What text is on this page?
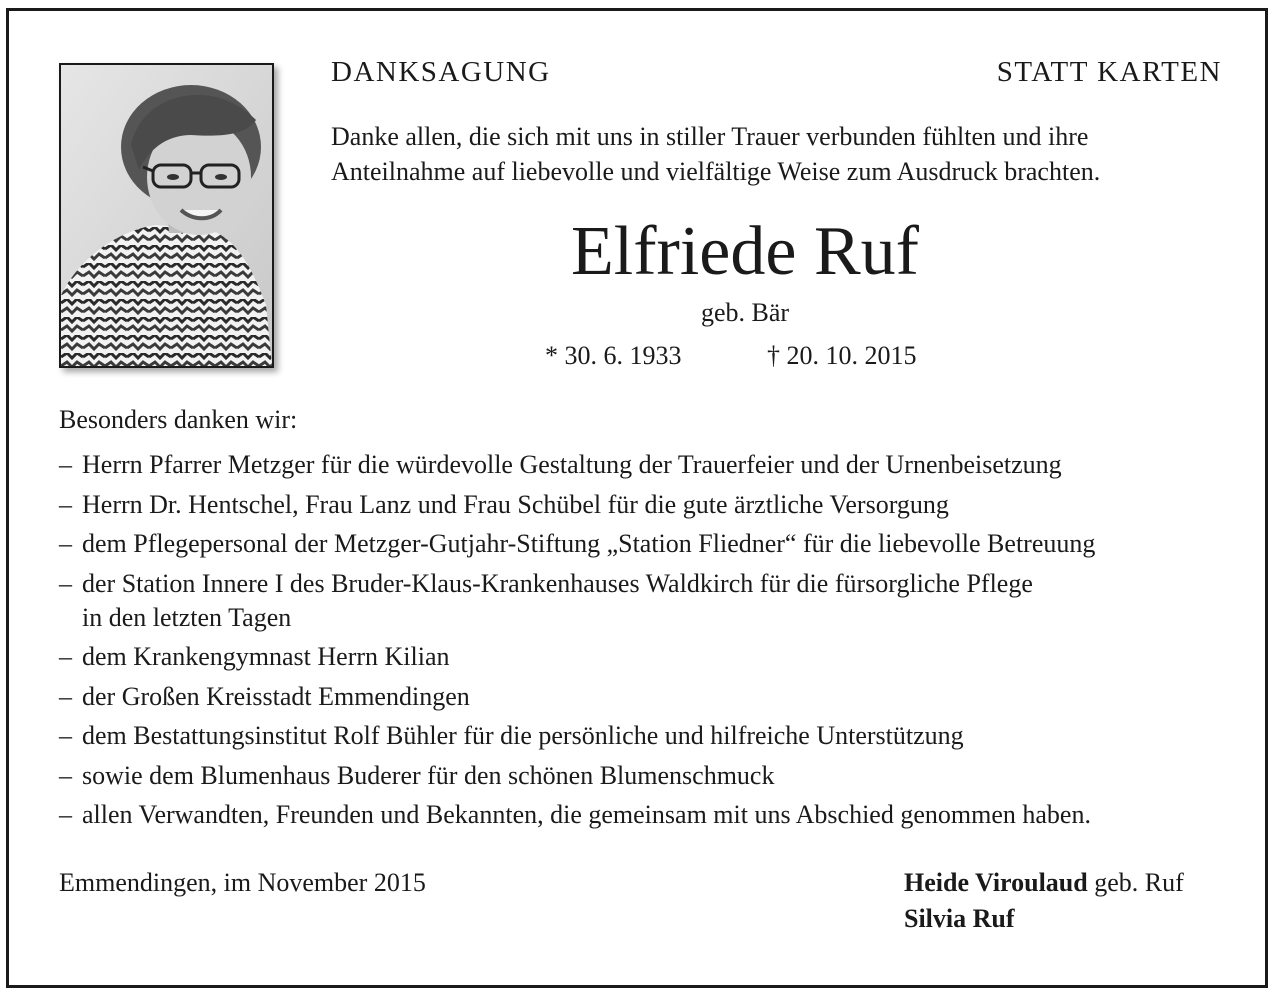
DANKSAGUNG	STATT KARTEN
Danke allen, die sich mit uns in stiller Trauer verbunden fühlten und ihre
Anteilnahme auf liebevolle und vielfältige Weise zum Ausdruck brachten.
Elfriede Ruf
geb. Bär
* 30. 6. 1933	† 20. 10. 2015
Besonders danken wir:
– Herrn Pfarrer Metzger für die würdevolle Gestaltung der Trauerfeier und der Urnenbeisetzung
– Herrn Dr. Hentschel, Frau Lanz und Frau Schübel für die gute ärztliche Versorgung
– dem Pflegepersonal der Metzger-Gutjahr-Stiftung „Station Fliedner“ für die liebevolle Betreuung
– der Station Innere I des Bruder-Klaus-Krankenhauses Waldkirch für die fürsorgliche Pflege
in den letzten Tagen
– dem Krankengymnast Herrn Kilian
– der Großen Kreisstadt Emmendingen
– dem Bestattungsinstitut Rolf Bühler für die persönliche und hilfreiche Unterstützung
– sowie dem Blumenhaus Buderer für den schönen Blumenschmuck
– allen Verwandten, Freunden und Bekannten, die gemeinsam mit uns Abschied genommen haben.
Emmendingen, im November 2015	Heide Viroulaud geb. Ruf
Silvia Ruf
